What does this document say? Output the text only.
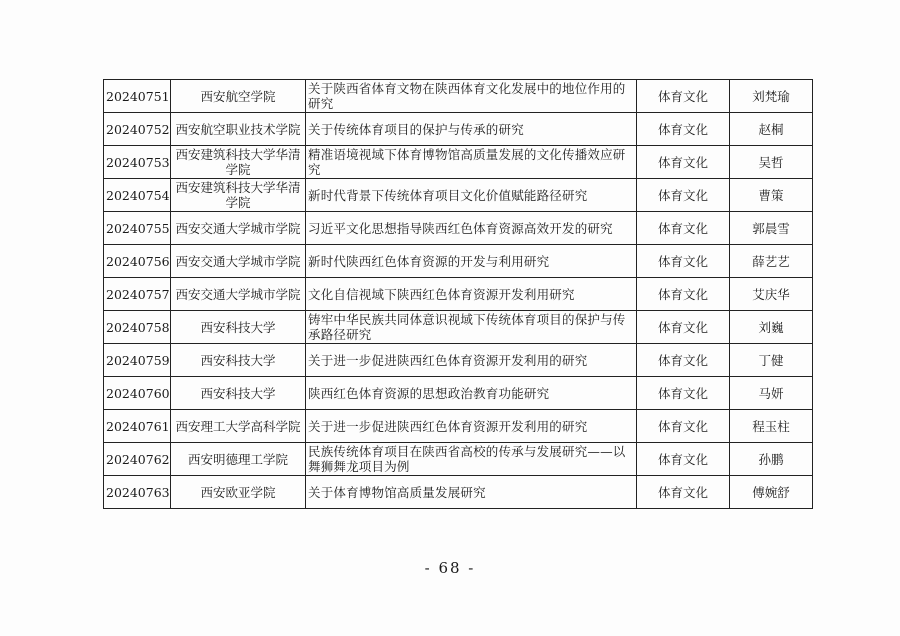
20240751	西安航空学院	关于陕西省体育文物在陕西体育文化发展中的地位作用的研究	体育文化	刘梵瑜
20240752	西安航空职业技术学院	关于传统体育项目的保护与传承的研究	体育文化	赵桐
20240753	西安建筑科技大学华清学院	精准语境视域下体育博物馆高质量发展的文化传播效应研究	体育文化	吴哲
20240754	西安建筑科技大学华清学院	新时代背景下传统体育项目文化价值赋能路径研究	体育文化	曹策
20240755	西安交通大学城市学院	习近平文化思想指导陕西红色体育资源高效开发的研究	体育文化	郭晨雪
20240756	西安交通大学城市学院	新时代陕西红色体育资源的开发与利用研究	体育文化	薛艺艺
20240757	西安交通大学城市学院	文化自信视域下陕西红色体育资源开发利用研究	体育文化	艾庆华
20240758	西安科技大学	铸牢中华民族共同体意识视域下传统体育项目的保护与传承路径研究	体育文化	刘巍
20240759	西安科技大学	关于进一步促进陕西红色体育资源开发利用的研究	体育文化	丁健
20240760	西安科技大学	陕西红色体育资源的思想政治教育功能研究	体育文化	马妍
20240761	西安理工大学高科学院	关于进一步促进陕西红色体育资源开发利用的研究	体育文化	程玉柱
20240762	西安明德理工学院	民族传统体育项目在陕西省高校的传承与发展研究——以舞狮舞龙项目为例	体育文化	孙鹏
20240763	西安欧亚学院	关于体育博物馆高质量发展研究	体育文化	傅婉舒
- 68 -
